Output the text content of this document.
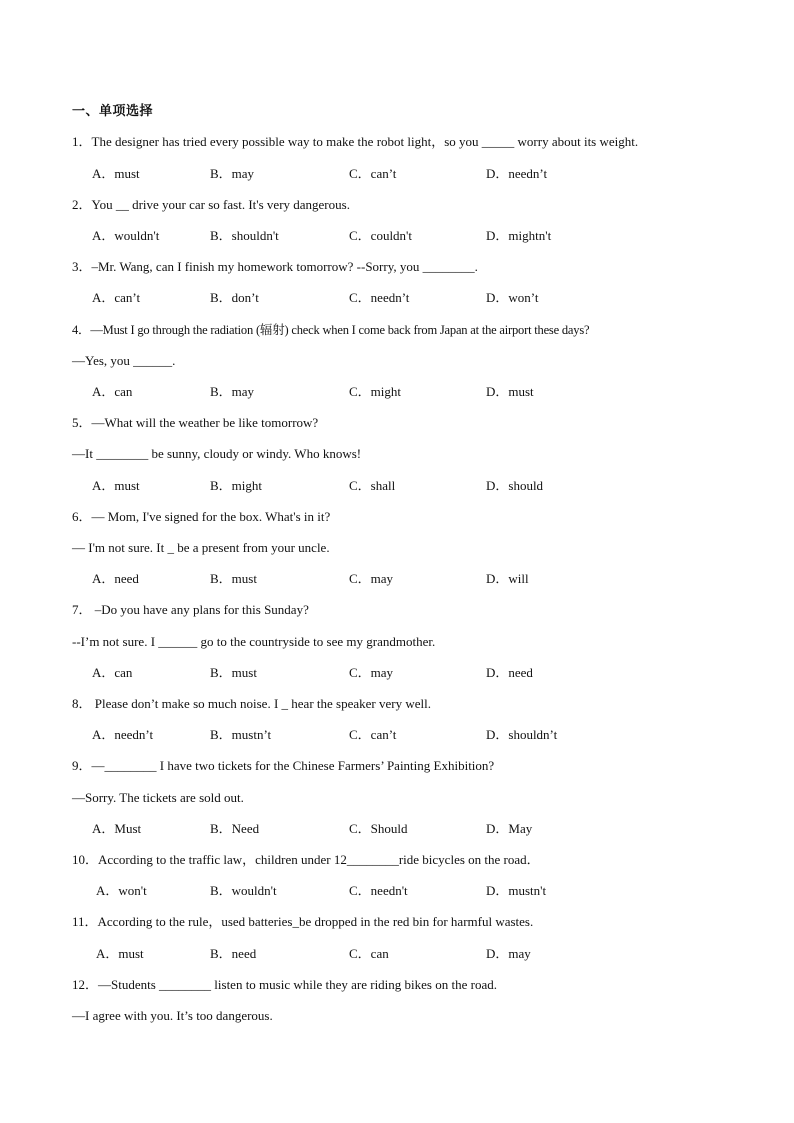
一、单项选择
1．The designer has tried every possible way to make the robot light，so you _____ worry about its weight.
A．must	B．may	C．can’t	D．needn’t
2．You __ drive your car so fast. It's very dangerous.
A．wouldn't	B．shouldn't	C．couldn't	D．mightn't
3．–Mr. Wang, can I finish my homework tomorrow? --Sorry, you ________.
A．can’t	B．don’t	C．needn’t	D．won’t
4．—Must I go through the radiation (辐射) check when I come back from Japan at the airport these days?
—Yes, you ______.
A．can	B．may	C．might	D．must
5．—What will the weather be like tomorrow?
—It ________ be sunny, cloudy or windy. Who knows!
A．must	B．might	C．shall	D．should
6．— Mom, I've signed for the box. What's in it?
— I'm not sure. It _ be a present from your uncle.
A．need	B．must	C．may	D．will
7． –Do you have any plans for this Sunday?
--I’m not sure. I ______ go to the countryside to see my grandmother.
A．can	B．must	C．may	D．need
8． Please don’t make so much noise. I _ hear the speaker very well.
A．needn’t	B．mustn’t	C．can’t	D．shouldn’t
9．—________ I have two tickets for the Chinese Farmers’ Painting Exhibition?
—Sorry. The tickets are sold out.
A．Must	B．Need	C．Should	D．May
10．According to the traffic law，children under 12________ride bicycles on the road．
A．won't	B．wouldn't	C．needn't	D．mustn't
11．According to the rule，used batteries_be dropped in the red bin for harmful wastes.
A．must	B．need	C．can	D．may
12．—Students ________ listen to music while they are riding bikes on the road.
—I agree with you. It’s too dangerous.
